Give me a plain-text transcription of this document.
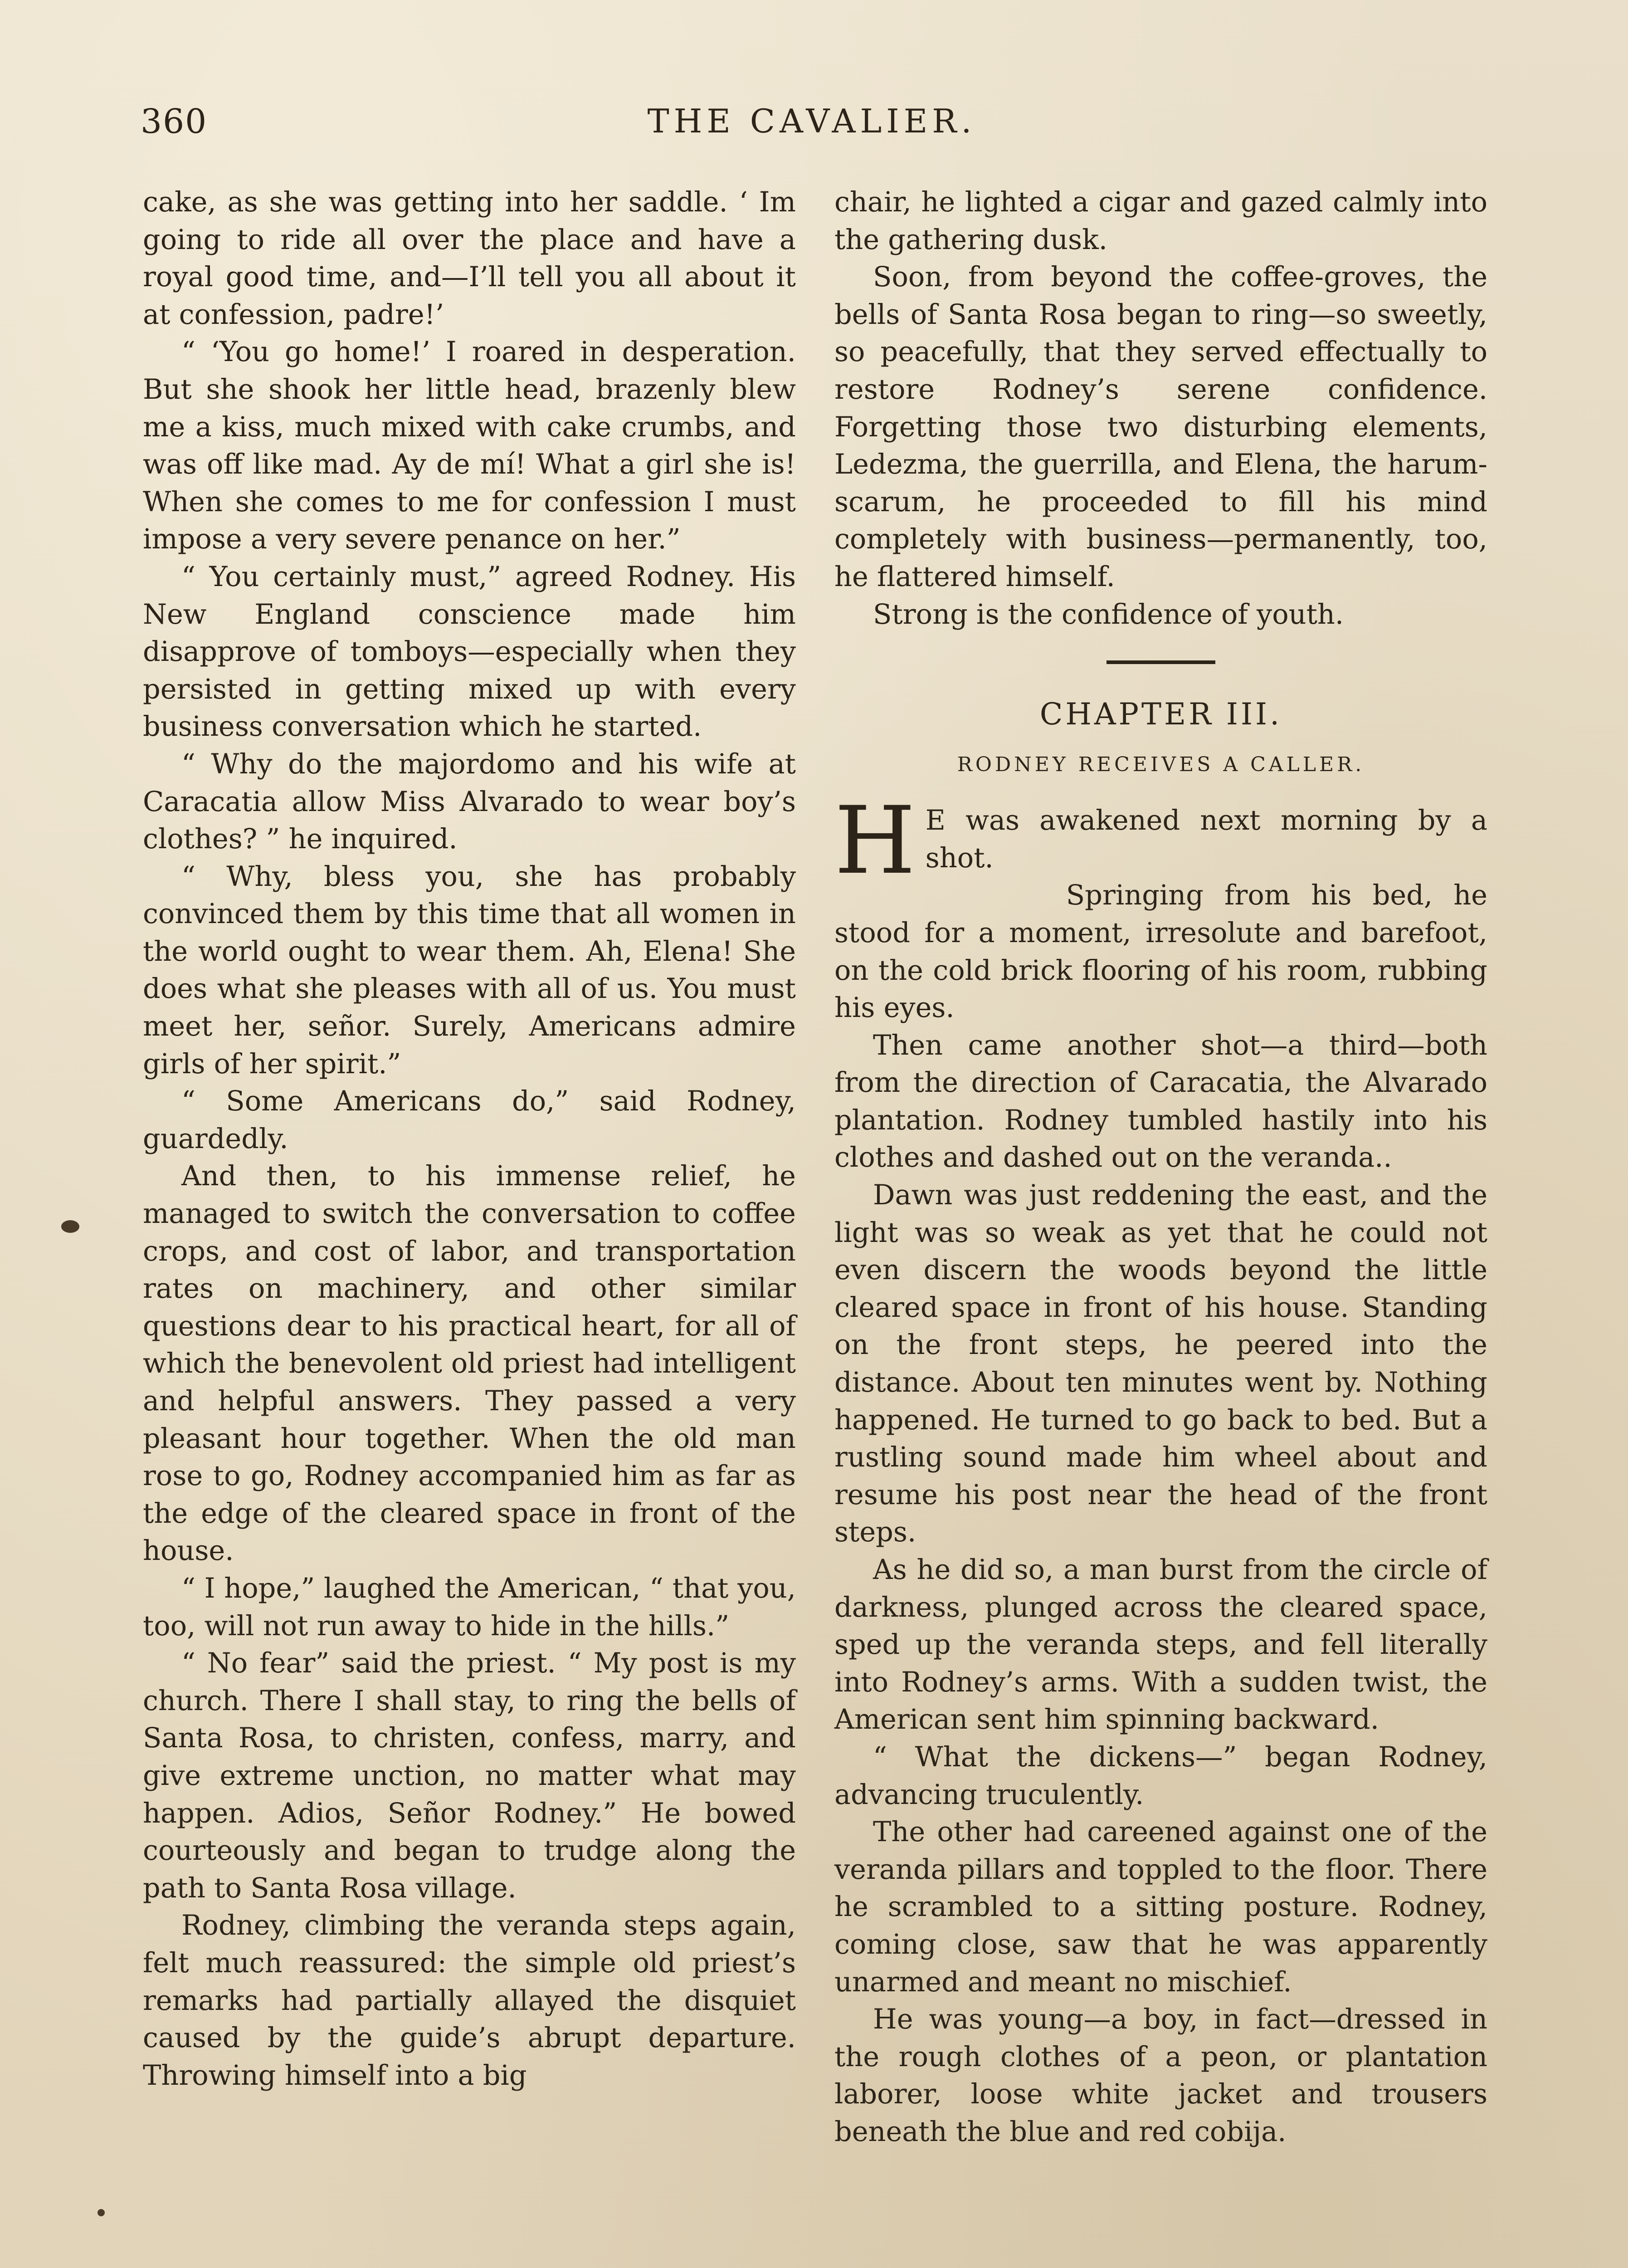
360	THE CAVALIER.

cake, as she was getting into her saddle. ‘ Im going to ride all over the place and have a royal good time, and—I’ll tell you all about it at confession, padre!’

“ ‘You go home!’ I roared in desperation. But she shook her little head, brazenly blew me a kiss, much mixed with cake crumbs, and was off like mad. Ay de mí! What a girl she is! When she comes to me for confession I must impose a very severe penance on her.”

“ You certainly must,” agreed Rodney. His New England conscience made him disapprove of tomboys—especially when they persisted in getting mixed up with every business conversation which he started.

“ Why do the majordomo and his wife at Caracatia allow Miss Alvarado to wear boy’s clothes? ” he inquired.

“ Why, bless you, she has probably convinced them by this time that all women in the world ought to wear them. Ah, Elena! She does what she pleases with all of us. You must meet her, señor. Surely, Americans admire girls of her spirit.”

“ Some Americans do,” said Rodney, guardedly.

And then, to his immense relief, he managed to switch the conversation to coffee crops, and cost of labor, and transportation rates on machinery, and other similar questions dear to his practical heart, for all of which the benevolent old priest had intelligent and helpful answers. They passed a very pleasant hour together. When the old man rose to go, Rodney accompanied him as far as the edge of the cleared space in front of the house.

“ I hope,” laughed the American, “ that you, too, will not run away to hide in the hills.”

“ No fear” said the priest. “ My post is my church. There I shall stay, to ring the bells of Santa Rosa, to christen, confess, marry, and give extreme unction, no matter what may happen. Adios, Señor Rodney.” He bowed courteously and began to trudge along the path to Santa Rosa village.

Rodney, climbing the veranda steps again, felt much reassured: the simple old priest’s remarks had partially allayed the disquiet caused by the guide’s abrupt departure. Throwing himself into a big

chair, he lighted a cigar and gazed calmly into the gathering dusk.

Soon, from beyond the coffee-groves, the bells of Santa Rosa began to ring—so sweetly, so peacefully, that they served effectually to restore Rodney’s serene confidence. Forgetting those two disturbing elements, Ledezma, the guerrilla, and Elena, the harum-scarum, he proceeded to fill his mind completely with business—permanently, too, he flattered himself.

Strong is the confidence of youth.

CHAPTER III.
RODNEY RECEIVES A CALLER.
H E was awakened next morning by a shot.

Springing from his bed, he stood for a moment, irresolute and barefoot, on the cold brick flooring of his room, rubbing his eyes.

Then came another shot—a third—both from the direction of Caracatia, the Alvarado plantation. Rodney tumbled hastily into his clothes and dashed out on the veranda..

Dawn was just reddening the east, and the light was so weak as yet that he could not even discern the woods beyond the little cleared space in front of his house. Standing on the front steps, he peered into the distance. About ten minutes went by. Nothing happened. He turned to go back to bed. But a rustling sound made him wheel about and resume his post near the head of the front steps.

As he did so, a man burst from the circle of darkness, plunged across the cleared space, sped up the veranda steps, and fell literally into Rodney’s arms. With a sudden twist, the American sent him spinning backward.

“ What the dickens—” began Rodney, advancing truculently.

The other had careened against one of the veranda pillars and toppled to the floor. There he scrambled to a sitting posture. Rodney, coming close, saw that he was apparently unarmed and meant no mischief.

He was young—a boy, in fact—dressed in the rough clothes of a peon, or plantation laborer, loose white jacket and trousers beneath the blue and red cobija.
